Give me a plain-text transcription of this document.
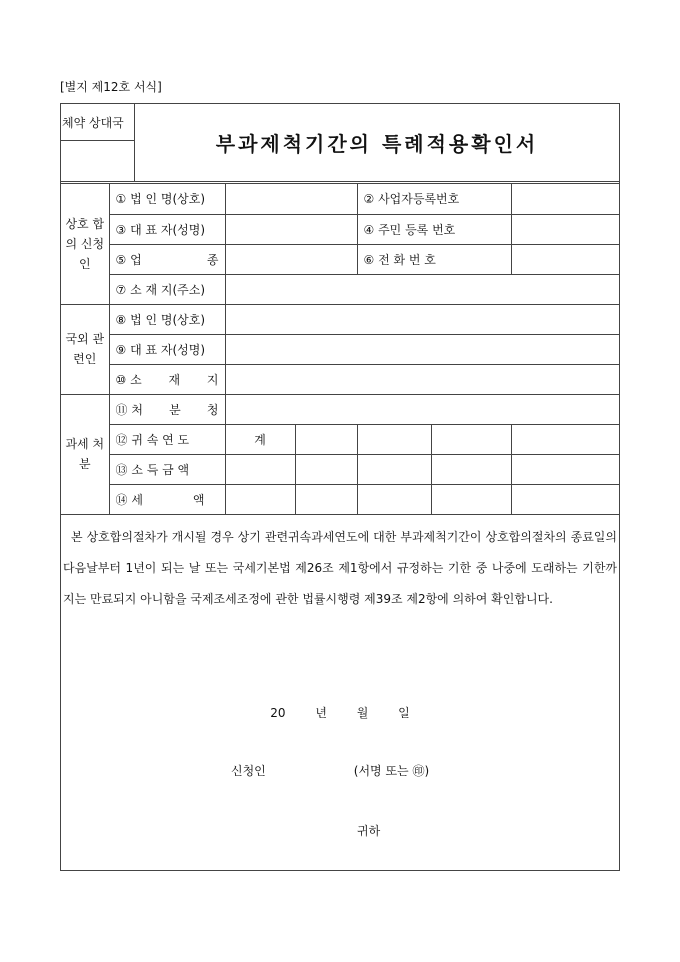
[별지 제12호 서식]
체약 상대국
부과제척기간의 특례적용확인서
상호 합의 신청인	① 법 인 명(상호)			② 사업자등록번호		
	③ 대 표 자(성명)			④ 주민 등록 번호		

	⑤ 업 종			⑥ 전 화 번 호		
	⑦ 소 재 지(주소)					
국외 관련인	⑧ 법 인 명(상호)					
	⑨ 대 표 자(성명)					

	⑩ 소 재 지					

과세 처분	⑪ 처 분 청					

	⑫ 귀 속 연 도	계				
	⑬ 소 득 금 액					

	⑭ 세 액					

본 상호합의절차가 개시될 경우 상기 관련귀속과세연도에 대한 부과제척기간이 상호합의절차의 종료일의 다음날부터 1년이 되는 날 또는 국세기본법 제26조 제1항에서 규정하는 기한 중 나중에 도래하는 기한까지는 만료되지 아니함을 국제조세조정에 관한 법률시행령 제39조 제2항에 의하여 확인합니다.
20 년 월 일
신청인	(서명 또는 ㊞)
귀하
